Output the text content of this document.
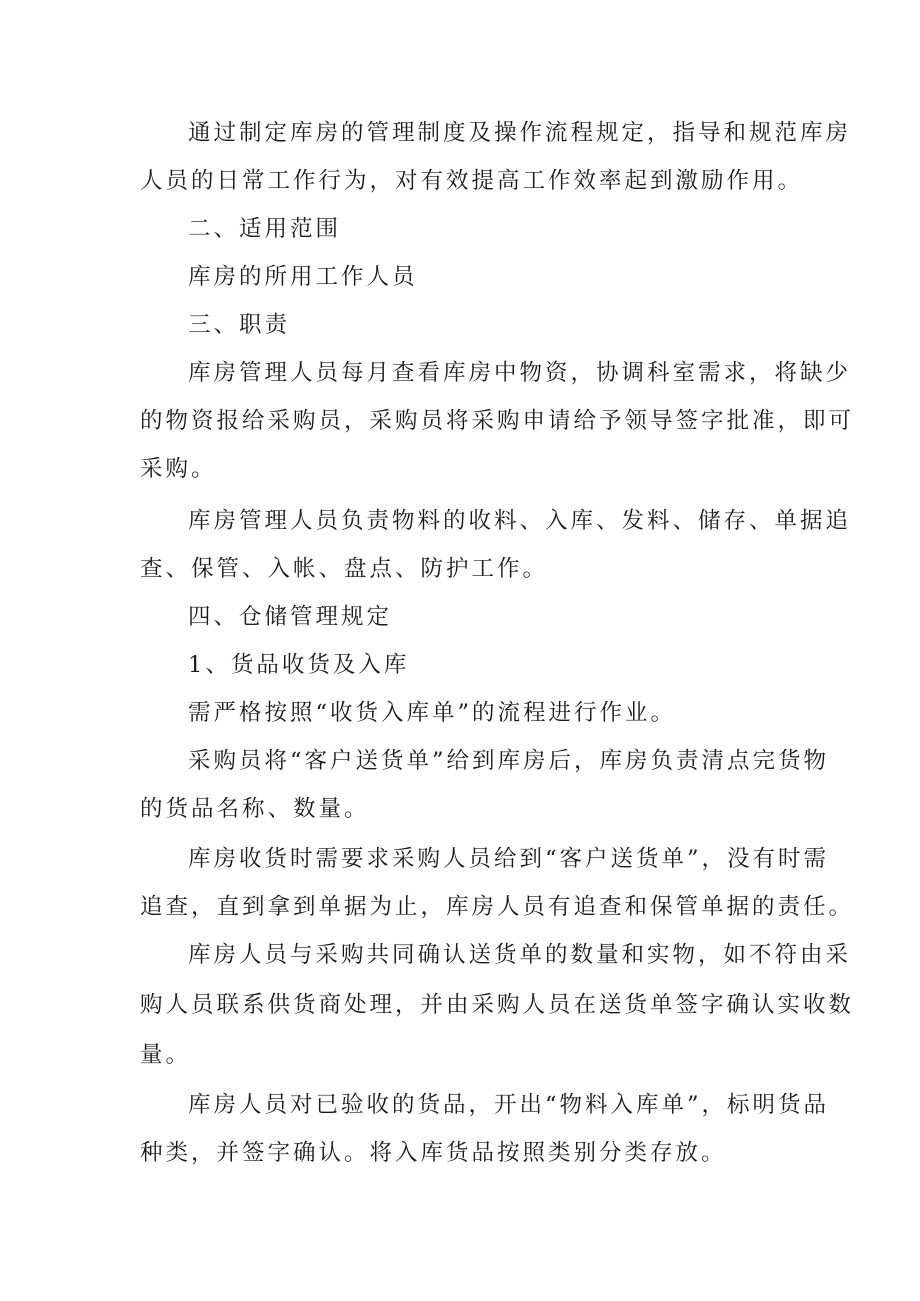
通过制定库房的管理制度及操作流程规定，指导和规范库房
人员的日常工作行为，对有效提高工作效率起到激励作用。
二、适用范围
库房的所用工作人员
三、职责
库房管理人员每月查看库房中物资，协调科室需求，将缺少
的物资报给采购员，采购员将采购申请给予领导签字批准，即可
采购。
库房管理人员负责物料的收料、入库、发料、储存、单据追
查、保管、入帐、盘点、防护工作。
四、仓储管理规定
1、货品收货及入库
需严格按照“收货入库单”的流程进行作业。
采购员将“客户送货单”给到库房后，库房负责清点完货物
的货品名称、数量。
库房收货时需要求采购人员给到“客户送货单”，没有时需
追查，直到拿到单据为止，库房人员有追查和保管单据的责任。
库房人员与采购共同确认送货单的数量和实物，如不符由采
购人员联系供货商处理，并由采购人员在送货单签字确认实收数
量。
库房人员对已验收的货品，开出“物料入库单”，标明货品
种类，并签字确认。将入库货品按照类别分类存放。
